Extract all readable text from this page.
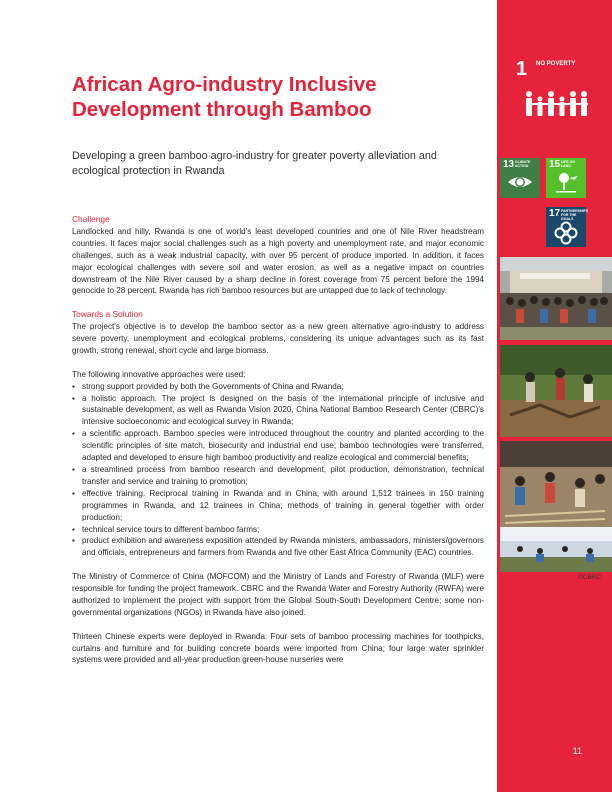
1 NO POVERTY
13 CLIMATE ACTION	15 LIFE ON LAND
17 PARTNERSHIPS FOR THE GOALS
©CBRC
African Agro-industry Inclusive Development through Bamboo

Developing a green bamboo agro-industry for greater poverty alleviation and ecological protection in Rwanda

Challenge

Landlocked and hilly, Rwanda is one of world's least developed countries and one of Nile River headstream countries. It faces major social challenges such as a high poverty and unemployment rate, and major economic challenges, such as a weak industrial capacity, with over 95 percent of produce imported. In addition, it faces major ecological challenges with severe soil and water erosion, as well as a negative impact on countries downstream of the Nile River caused by a sharp decline in forest coverage from 75 percent before the 1994 genocide to 28 percent. Rwanda has rich bamboo resources but are untapped due to lack of technology.

Towards a Solution

The project's objective is to develop the bamboo sector as a new green alternative agro-industry to address severe poverty, unemployment and ecological problems, considering its unique advantages such as its fast growth, strong renewal, short cycle and large biomass.

The following innovative approaches were used:

▪ strong support provided by both the Governments of China and Rwanda;
▪ a holistic approach. The project is designed on the basis of the international principle of inclusive and sustainable development, as well as Rwanda Vision 2020, China National Bamboo Research Center (CBRC)'s intensive socioeconomic and ecological survey in Rwanda;
▪ a scientific approach. Bamboo species were introduced throughout the country and planted according to the scientific principles of site match, biosecurity and industrial end use; bamboo technologies were transferred, adapted and developed to ensure high bamboo productivity and realize ecological and commercial benefits;
▪ a streamlined process from bamboo research and development, pilot production, demonstration, technical transfer and service and training to promotion;
▪ effective training. Reciprocal training in Rwanda and in China, with around 1,512 trainees in 150 training programmes in Rwanda, and 12 trainees in China; methods of training in general together with order production;
▪ technical service tours to different bamboo farms;
▪ product exhibition and awareness exposition attended by Rwanda ministers, ambassadors, ministers/governors and officials, entrepreneurs and farmers from Rwanda and five other East Africa Community (EAC) countries.

The Ministry of Commerce of China (MOFCOM) and the Ministry of Lands and Forestry of Rwanda (MLF) were responsible for funding the project framework. CBRC and the Rwanda Water and Forestry Authority (RWFA) were authorized to implement the project with support from the Global South-South Development Centre; some non-governmental organizations (NGOs) in Rwanda have also joined.

Thirteen Chinese experts were deployed in Rwanda. Four sets of bamboo processing machines for toothpicks, curtains and furniture and for building concrete boards were imported from China; four large water sprinkler systems were provided and all-year production green-house nurseries were

11
